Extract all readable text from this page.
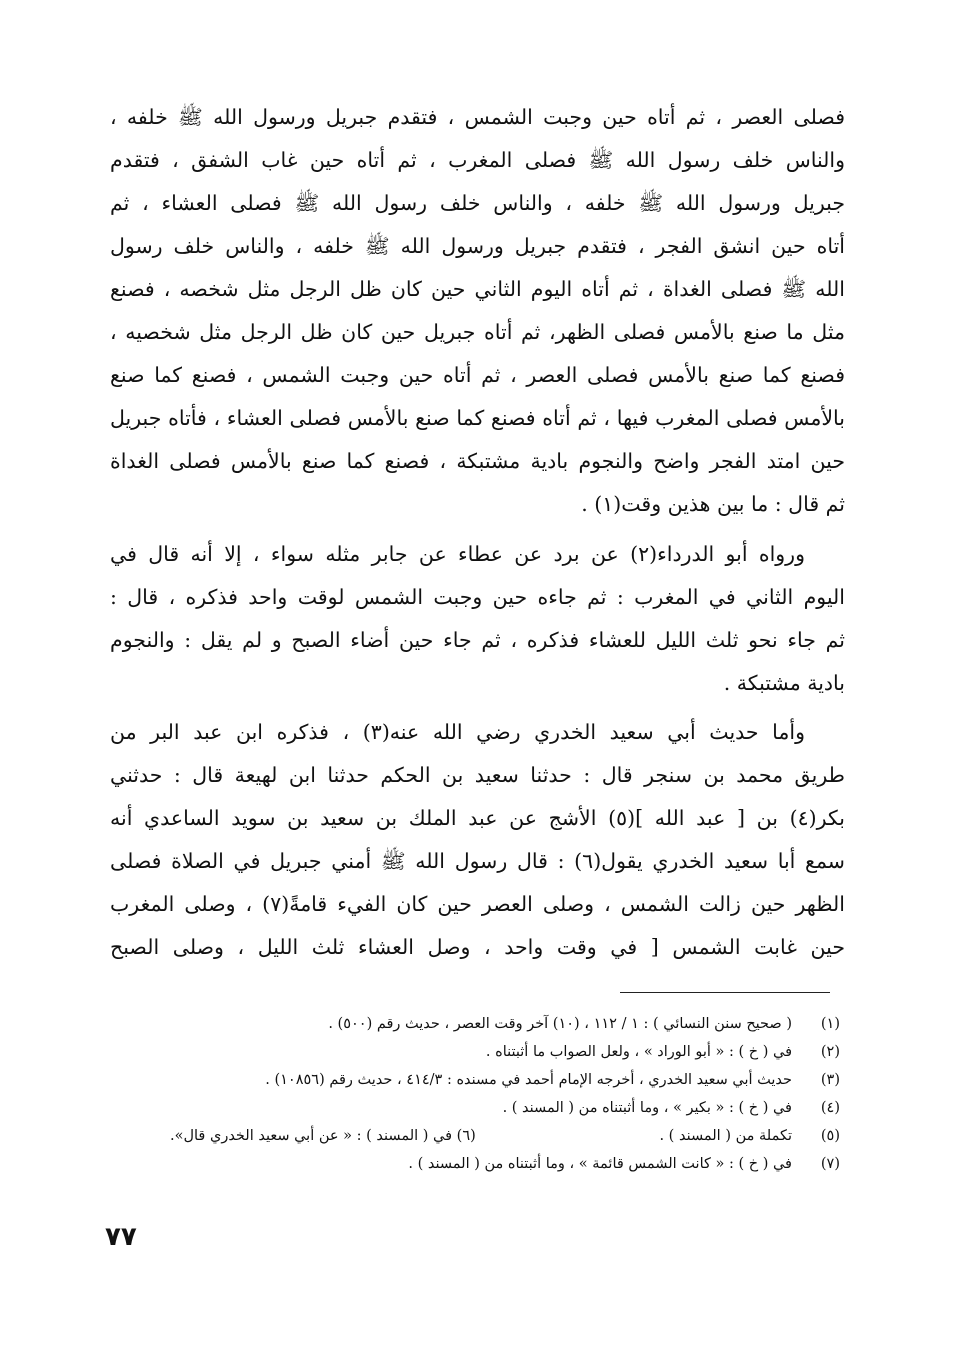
فصلى العصر ، ثم أتاه حين وجبت الشمس ، فتقدم جبريل ورسول الله ﷺ خلفه ،
والناس خلف رسول الله ﷺ فصلى المغرب ، ثم أتاه حين غاب الشفق ، فتقدم
جبريل ورسول الله ﷺ خلفه ، والناس خلف رسول الله ﷺ فصلى العشاء ، ثم
أتاه حين انشق الفجر ، فتقدم جبريل ورسول الله ﷺ خلفه ، والناس خلف رسول
الله ﷺ فصلى الغداة ، ثم أتاه اليوم الثاني حين كان ظل الرجل مثل شخصه ، فصنع
مثل ما صنع بالأمس فصلى الظهر، ثم أتاه جبريل حين كان ظل الرجل مثل شخصيه ،
فصنع كما صنع بالأمس فصلى العصر ، ثم أتاه حين وجبت الشمس ، فصنع كما صنع
بالأمس فصلى المغرب فيها ، ثم أتاه فصنع كما صنع بالأمس فصلى العشاء ، فأتاه جبريل
حين امتد الفجر واضح والنجوم بادية مشتبكة ، فصنع كما صنع بالأمس فصلى الغداة
ثم قال : ما بين هذين وقت(١) .
ورواه أبو الدرداء(٢) عن برد عن عطاء عن جابر مثله سواء ، إلا أنه قال في
اليوم الثاني في المغرب : ثم جاءه حين وجبت الشمس لوقت واحد فذكره ، قال :
ثم جاء نحو ثلث الليل للعشاء فذكره ، ثم جاء حين أضاء الصبح و لم يقل : والنجوم
بادية مشتبكة .
وأما حديث أبي سعيد الخدري رضي الله عنه(٣) ، فذكره ابن عبد البر من
طريق محمد بن سنجر قال : حدثنا سعيد بن الحكم حدثنا ابن لهيعة قال : حدثني
بكر(٤) بن [ عبد الله ](٥) الأشج عن عبد الملك بن سعيد بن سويد الساعدي أنه
سمع أبا سعيد الخدري يقول(٦) : قال رسول الله ﷺ أمني جبريل في الصلاة فصلى
الظهر حين زالت الشمس ، وصلى العصر حين كان الفيء قامةً(٧) ، وصلى المغرب
حين غابت الشمس [ في وقت واحد ، وصل العشاء ثلث الليل ، وصلى الصبح
(١)
( صحيح سنن النسائي ) : ١ / ١١٢ ، (١٠) آخر وقت العصر ، حديث رقم (٥٠٠) .
(٢)
في ( خ ) : « أبو الوراد » ، ولعل الصواب ما أثبتناه .
(٣)
حديث أبي سعيد الخدري ، أخرجه الإمام أحمد في مسنده : ٤١٤/٣ ، حديث رقم (١٠٨٥٦) .
(٤)
في ( خ ) : « بكير » ، وما أثبتناه من ( المسند ) .
(٥)
تكملة من ( المسند ) .
(٦) في ( المسند ) : « عن أبي سعيد الخدري قال».
(٧)
في ( خ ) : « كانت الشمس قائمة » ، وما أثبتناه من ( المسند ) .
٧٧
